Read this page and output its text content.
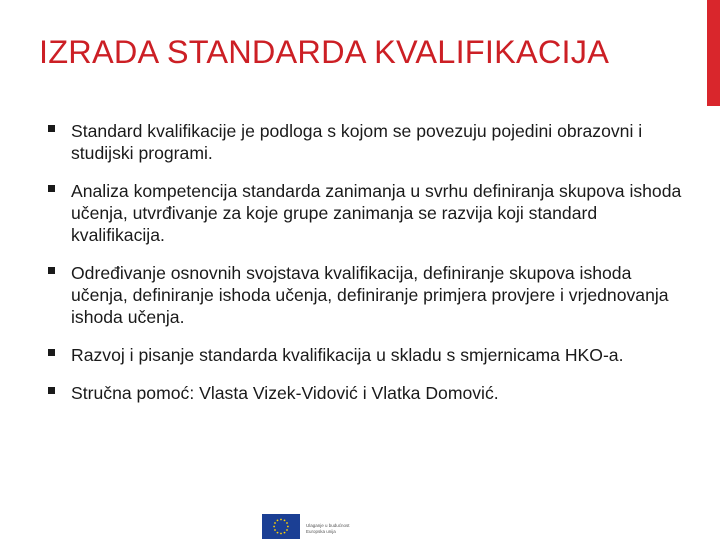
IZRADA STANDARDA KVALIFIKACIJA
Standard kvalifikacije je podloga s kojom se povezuju pojedini obrazovni i studijski programi.
Analiza kompetencija standarda zanimanja u svrhu definiranja skupova ishoda učenja, utvrđivanje za koje grupe zanimanja se razvija koji standard kvalifikacija.
Određivanje osnovnih svojstava kvalifikacija, definiranje skupova ishoda učenja, definiranje ishoda učenja, definiranje primjera provjere i vrjednovanja ishoda učenja.
Razvoj i pisanje standarda kvalifikacija u skladu s smjernicama HKO-a.
Stručna pomoć: Vlasta Vizek-Vidović i Vlatka Domović.
Ulaganje u budućnost
Europska unija
